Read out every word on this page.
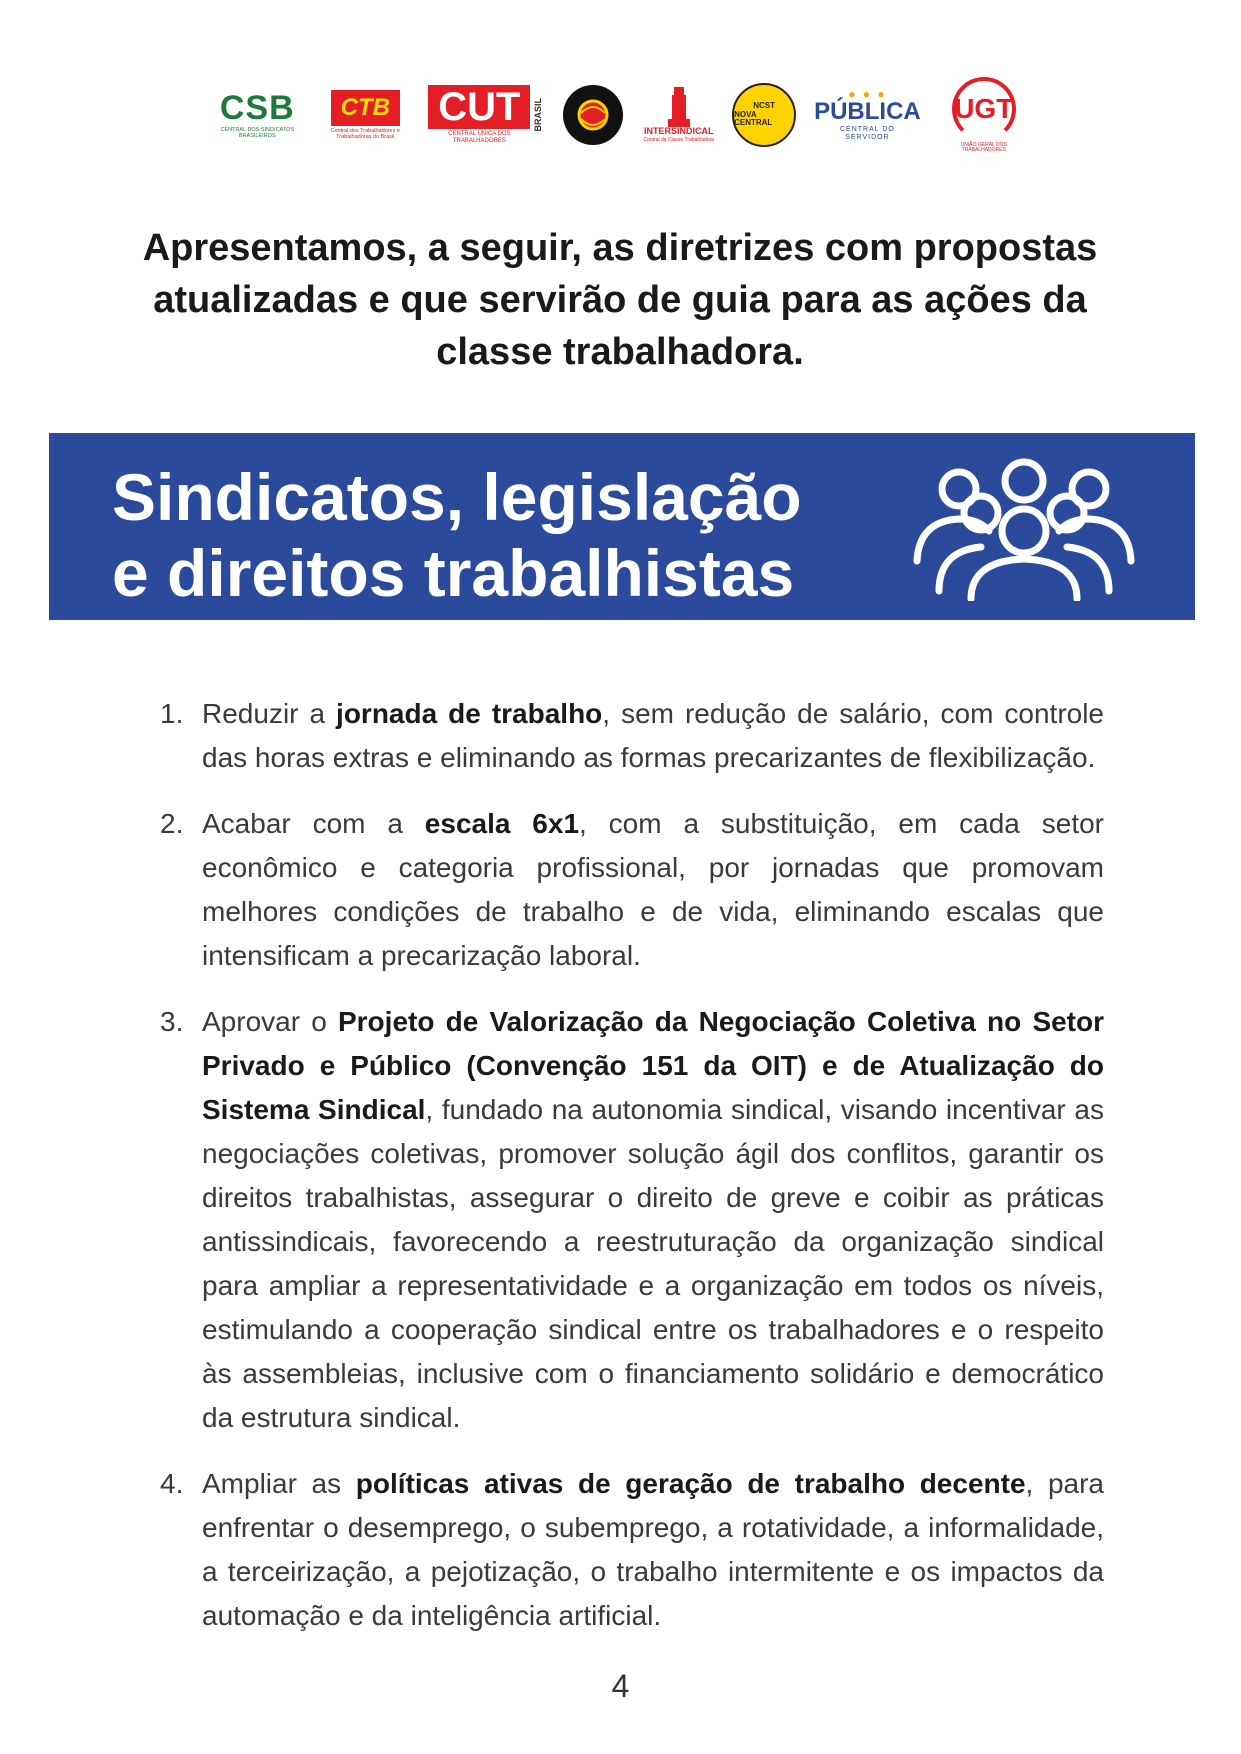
CSB
CENTRAL DOS SINDICATOS BRASILEIROS
CTB
Central dos Trabalhadores e Trabalhadoras do Brasil
CUT
CENTRAL ÚNICA DOS TRABALHADORES
BRASIL	INTERSINDICAL
Central da Classe Trabalhadora
NCST
NOVA CENTRAL
● ● ●
PÚBLICA
CENTRAL DO SERVIDOR
UGT
UNIÃO GERAL DOS TRABALHADORES
Apresentamos, a seguir, as diretrizes com propostas
atualizadas e que servirão de guia para as ações da
classe trabalhadora.
Sindicatos, legislação
e direitos trabalhistas
1. Reduzir a jornada de trabalho, sem redução de salário, com controle das horas extras e eliminando as formas precarizantes de flexibilização.
2. Acabar com a escala 6x1, com a substituição, em cada setor econômico e categoria profissional, por jornadas que promovam melhores condições de trabalho e de vida, eliminando escalas que intensificam a precarização laboral.
3. Aprovar o Projeto de Valorização da Negociação Coletiva no Setor Privado e Público (Convenção 151 da OIT) e de Atualização do Sistema Sindical, fundado na autonomia sindical, visando incentivar as negociações coletivas, promover solução ágil dos conflitos, garantir os direitos trabalhistas, assegurar o direito de greve e coibir as práticas antissindicais, favorecendo a reestruturação da organização sindical para ampliar a representatividade e a organização em todos os níveis, estimulando a cooperação sindical entre os trabalhadores e o respeito às assembleias, inclusive com o financiamento solidário e democrático da estrutura sindical.
4. Ampliar as políticas ativas de geração de trabalho decente, para enfrentar o desemprego, o subemprego, a rotatividade, a informalidade, a terceirização, a pejotização, o trabalho intermitente e os impactos da automação e da inteligência artificial.
4
